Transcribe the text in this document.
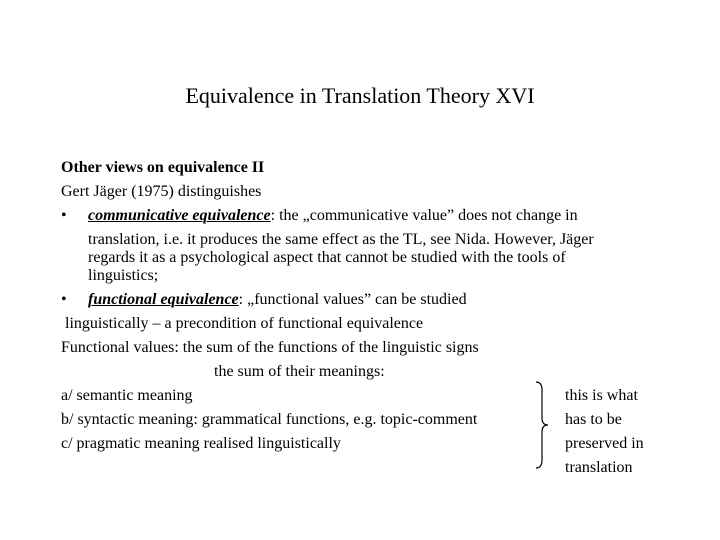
Equivalence in Translation Theory XVI
Other views on equivalence II
Gert Jäger (1975) distinguishes
• communicative equivalence: the „communicative value” does not change in
translation, i.e. it produces the same effect as the TL, see Nida. However, Jäger
regards it as a psychological aspect that cannot be studied with the tools of
linguistics;
• functional equivalence: „functional values” can be studied
linguistically – a precondition of functional equivalence
Functional values: the sum of the functions of the linguistic signs
the sum of their meanings:
a/ semantic meaning
b/ syntactic meaning: grammatical functions, e.g. topic-comment
c/ pragmatic meaning realised linguistically
this is what
has to be
preserved in
translation
